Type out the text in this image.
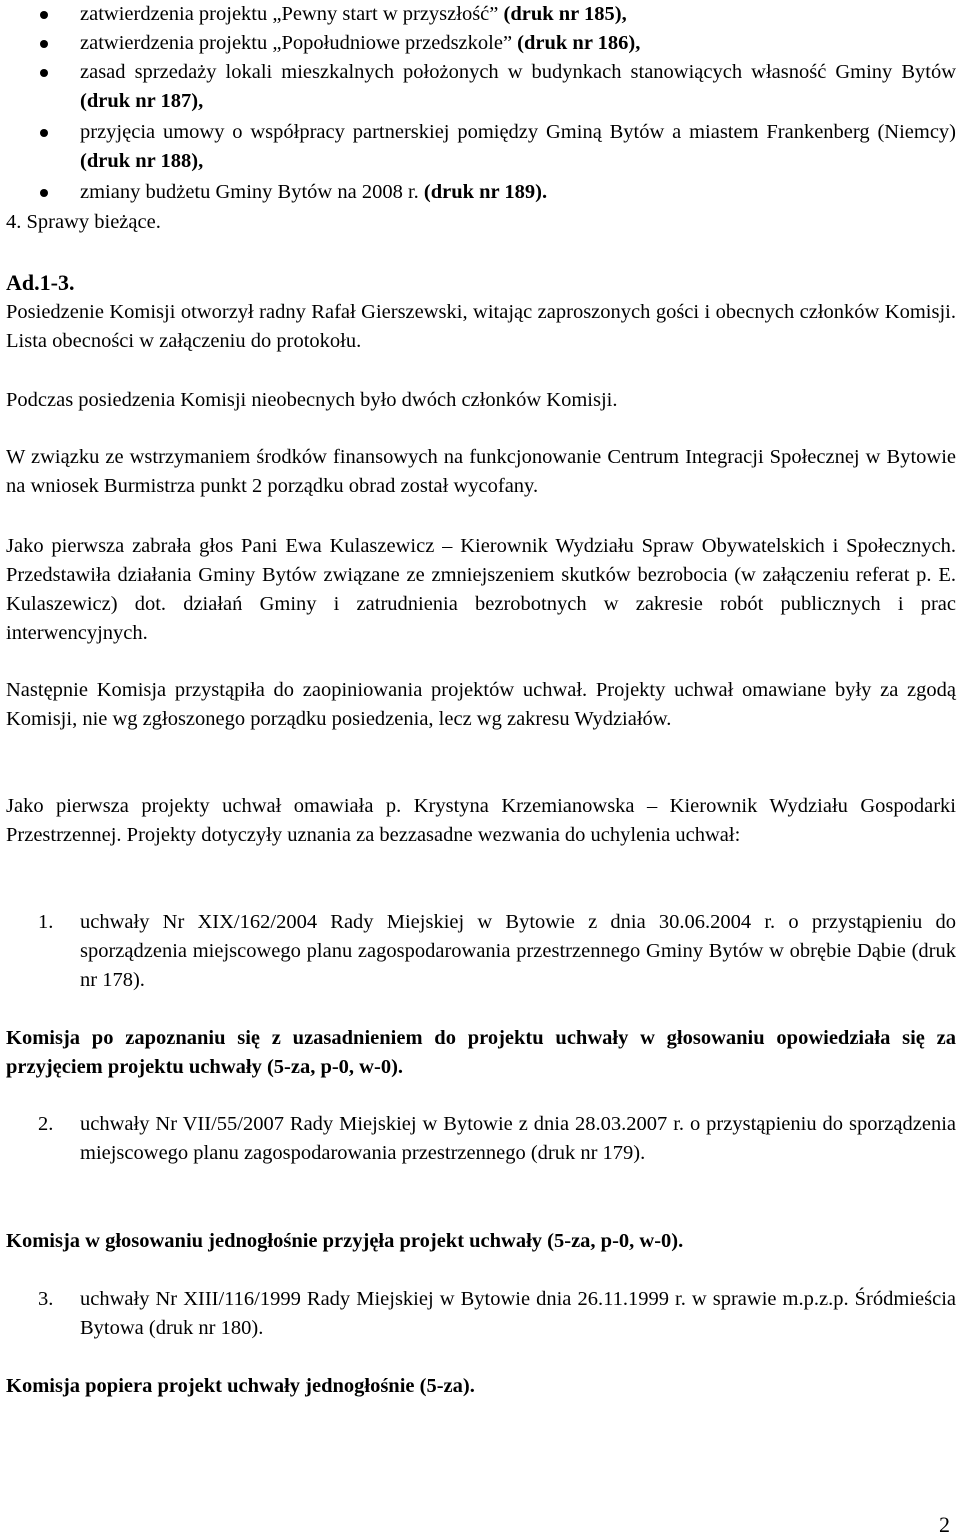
zatwierdzenia projektu „Pewny start w przyszłość” (druk nr 185),
zatwierdzenia projektu „Popołudniowe przedszkole” (druk nr 186),
zasad sprzedaży lokali mieszkalnych położonych w budynkach stanowiących własność Gminy Bytów (druk nr 187),
przyjęcia umowy o współpracy partnerskiej pomiędzy Gminą Bytów a miastem Frankenberg (Niemcy) (druk nr 188),
zmiany budżetu Gminy Bytów na 2008 r. (druk nr 189).
4. Sprawy bieżące.
Ad.1-3.
Posiedzenie Komisji otworzył radny Rafał Gierszewski, witając zaproszonych gości i obecnych członków Komisji. Lista obecności w załączeniu do protokołu.
Podczas posiedzenia Komisji nieobecnych było dwóch członków Komisji.
W związku ze wstrzymaniem środków finansowych na funkcjonowanie Centrum Integracji Społecznej w Bytowie na wniosek Burmistrza punkt 2 porządku obrad został wycofany.
Jako pierwsza zabrała głos Pani Ewa Kulaszewicz – Kierownik Wydziału Spraw Obywatelskich i Społecznych. Przedstawiła działania Gminy Bytów związane ze zmniejszeniem skutków bezrobocia (w załączeniu referat p. E. Kulaszewicz) dot. działań Gminy i zatrudnienia bezrobotnych w zakresie robót publicznych i prac interwencyjnych.
Następnie Komisja przystąpiła do zaopiniowania projektów uchwał. Projekty uchwał omawiane były za zgodą Komisji, nie wg zgłoszonego porządku posiedzenia, lecz wg zakresu Wydziałów.
Jako pierwsza projekty uchwał omawiała p. Krystyna Krzemianowska – Kierownik Wydziału Gospodarki Przestrzennej. Projekty dotyczyły uznania za bezzasadne wezwania do uchylenia uchwał:
1. uchwały Nr XIX/162/2004 Rady Miejskiej w Bytowie z dnia 30.06.2004 r. o przystąpieniu do sporządzenia miejscowego planu zagospodarowania przestrzennego Gminy Bytów w obrębie Dąbie (druk nr 178).
Komisja po zapoznaniu się z uzasadnieniem do projektu uchwały w głosowaniu opowiedziała się za przyjęciem projektu uchwały (5-za, p-0, w-0).
2. uchwały Nr VII/55/2007 Rady Miejskiej w Bytowie z dnia 28.03.2007 r. o przystąpieniu do sporządzenia miejscowego planu zagospodarowania przestrzennego (druk nr 179).
Komisja w głosowaniu jednogłośnie przyjęła projekt uchwały (5-za, p-0, w-0).
3. uchwały Nr XIII/116/1999 Rady Miejskiej w Bytowie dnia 26.11.1999 r. w sprawie m.p.z.p. Śródmieścia Bytowa (druk nr 180).
Komisja popiera projekt uchwały jednogłośnie (5-za).
2
